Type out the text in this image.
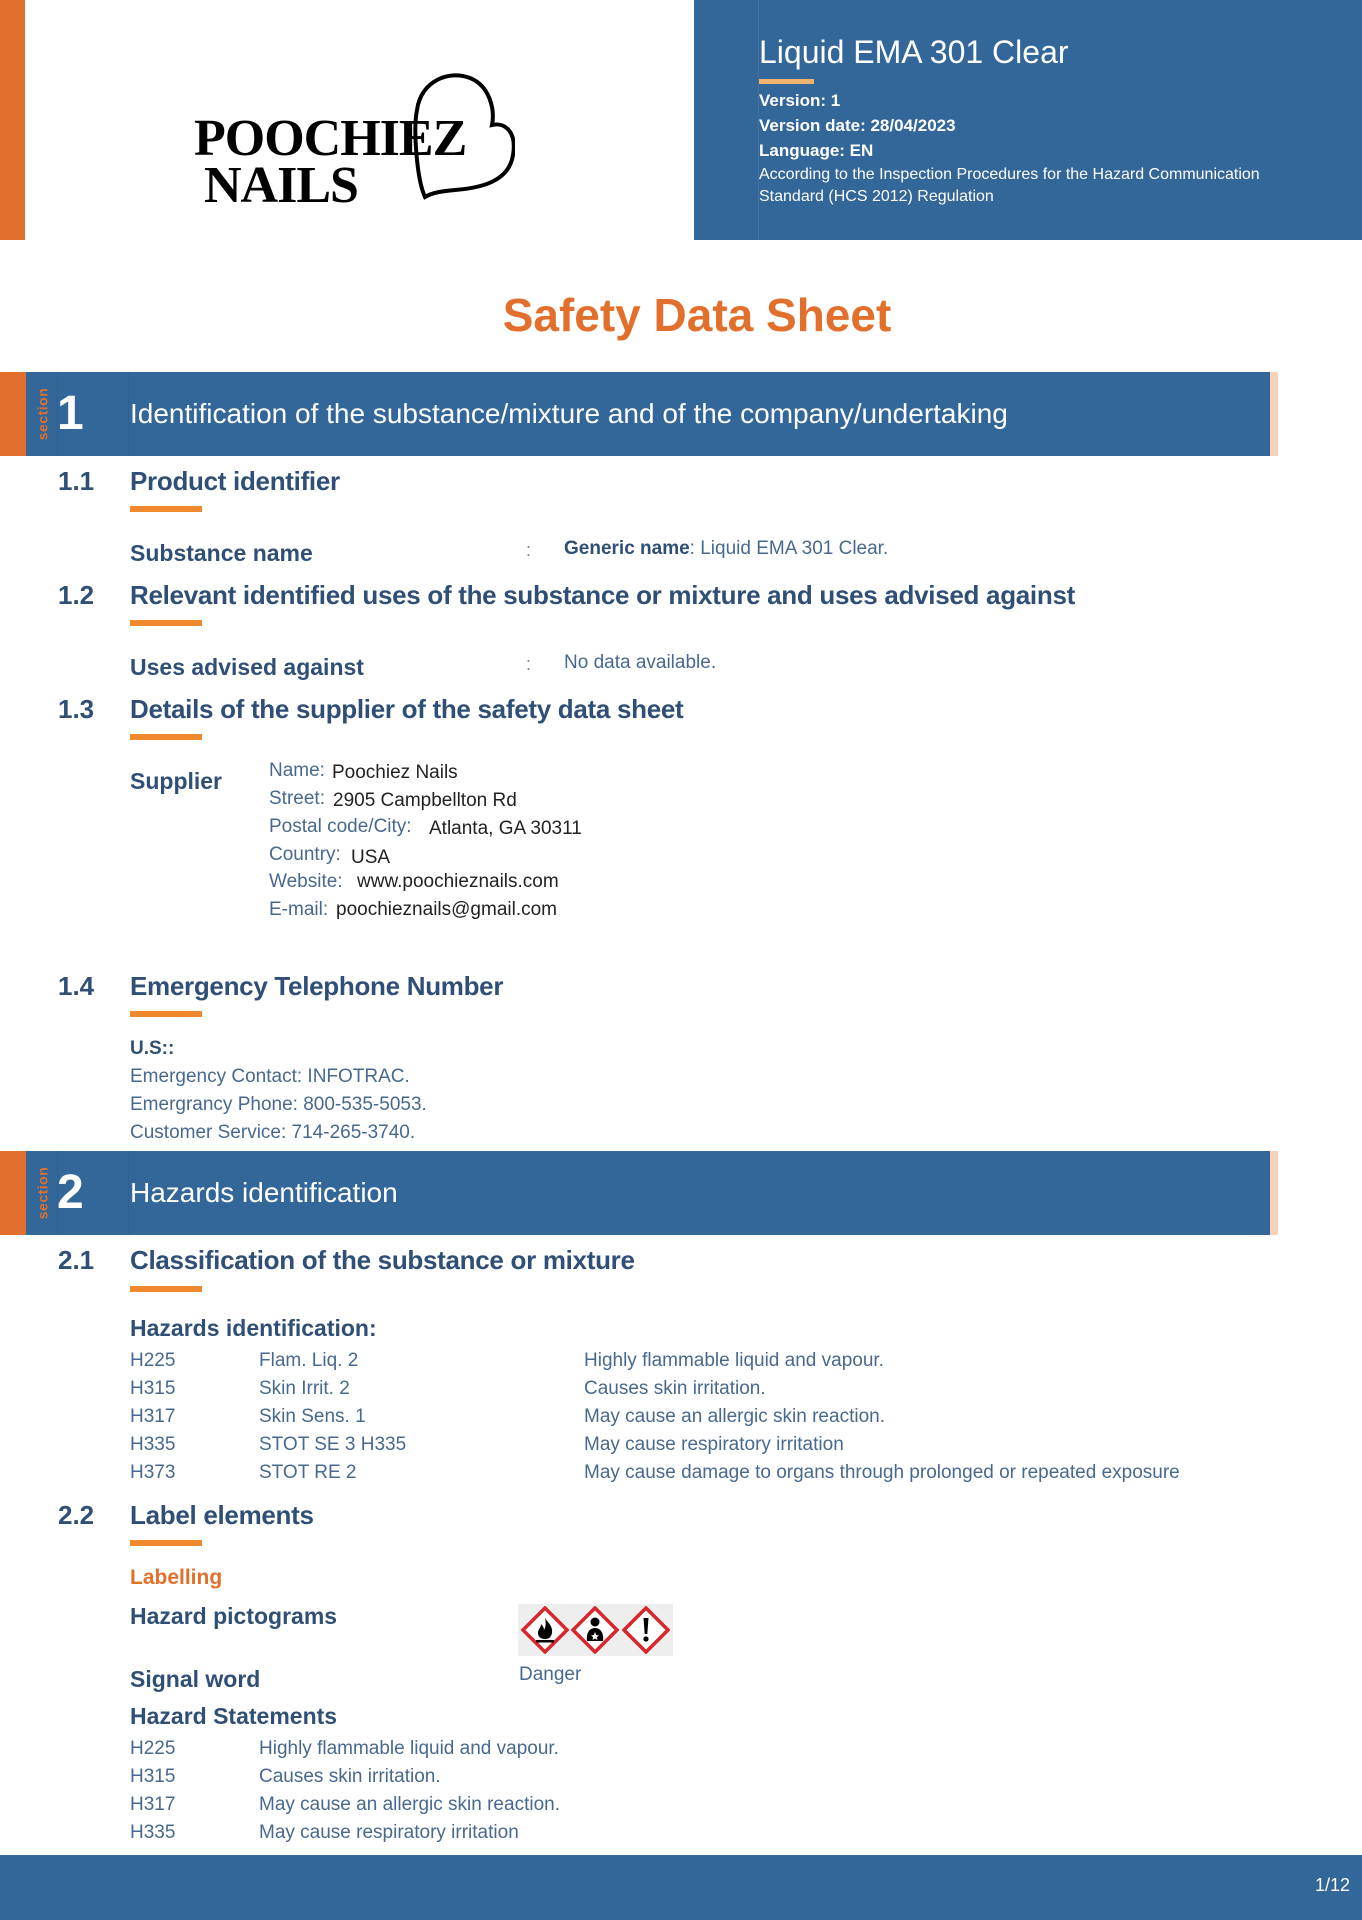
POOCHIEZ
NAILS
Liquid EMA 301 Clear
Version: 1
Version date: 28/04/2023
Language: EN
According to the Inspection Procedures for the Hazard Communication Standard (HCS 2012) Regulation
Safety Data Sheet
section 1 Identification of the substance/mixture and of the company/undertaking
1.1 Product identifier
Substance name	: Generic name: Liquid EMA 301 Clear.
1.2 Relevant identified uses of the substance or mixture and uses advised against
Uses advised against	: No data available.
1.3 Details of the supplier of the safety data sheet
Supplier Name: Poochiez Nails
Street: 2905 Campbellton Rd
Postal code/City: Atlanta, GA 30311
Country: USA
Website: www.poochieznails.com
E-mail: poochieznails@gmail.com
1.4 Emergency Telephone Number
U.S::
Emergency Contact: INFOTRAC.
Emergrancy Phone: 800-535-5053.
Customer Service: 714-265-3740.
section 2 Hazards identification
2.1 Classification of the substance or mixture
Hazards identification:
H225	Flam. Liq. 2	Highly flammable liquid and vapour.
H315	Skin Irrit. 2	Causes skin irritation.
H317	Skin Sens. 1	May cause an allergic skin reaction.
H335	STOT SE 3 H335	May cause respiratory irritation
H373	STOT RE 2	May cause damage to organs through prolonged or repeated exposure
2.2 Label elements
Labelling
Hazard pictograms
Signal word	Danger
Hazard Statements
H225	Highly flammable liquid and vapour.
H315	Causes skin irritation.
H317	May cause an allergic skin reaction.
H335	May cause respiratory irritation
1/12
